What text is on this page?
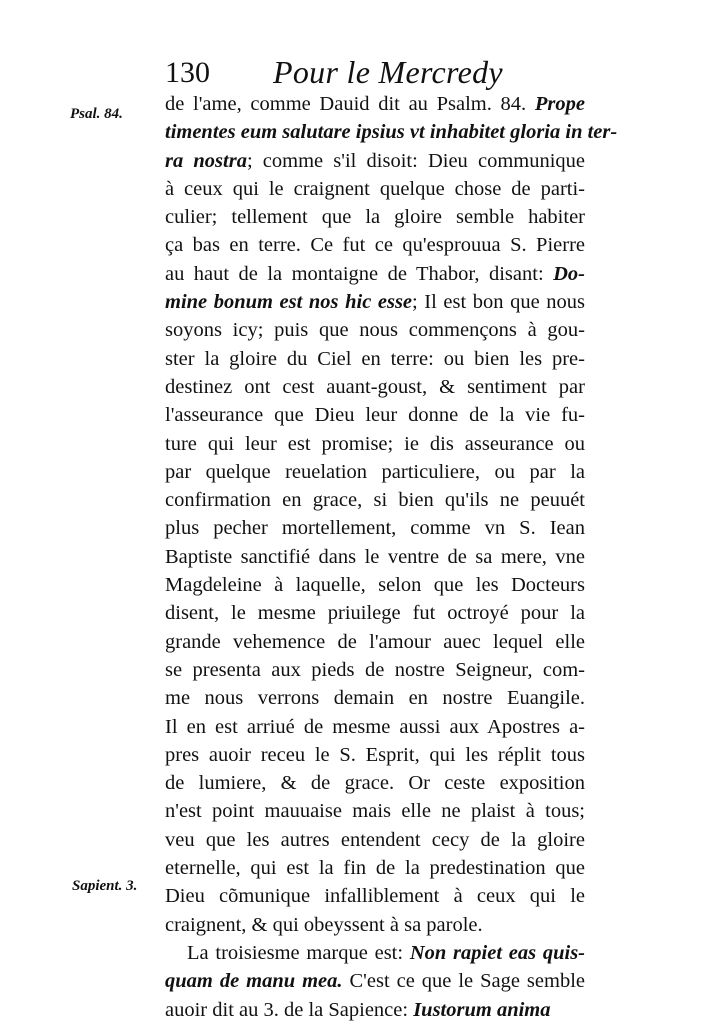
130 Pour le Mercredy
Psal. 84.
Sapient. 3.
de l'ame, comme Dauid dit au Psalm. 84. Prope
timentes eum salutare ipsius vt inhabitet gloria in ter-
ra nostra; comme s'il disoit: Dieu communique
à ceux qui le craignent quelque chose de parti-
culier; tellement que la gloire semble habiter
ça bas en terre. Ce fut ce qu'esprouua S. Pierre
au haut de la montaigne de Thabor, disant: Do-
mine bonum est nos hic esse; Il est bon que nous
soyons icy; puis que nous commençons à gou-
ster la gloire du Ciel en terre: ou bien les pre-
destinez ont cest auant-goust, & sentiment par
l'asseurance que Dieu leur donne de la vie fu-
ture qui leur est promise; ie dis asseurance ou
par quelque reuelation particuliere, ou par la
confirmation en grace, si bien qu'ils ne peuuét
plus pecher mortellement, comme vn S. Iean
Baptiste sanctifié dans le ventre de sa mere, vne
Magdeleine à laquelle, selon que les Docteurs
disent, le mesme priuilege fut octroyé pour la
grande vehemence de l'amour auec lequel elle
se presenta aux pieds de nostre Seigneur, com-
me nous verrons demain en nostre Euangile.
Il en est arriué de mesme aussi aux Apostres a-
pres auoir receu le S. Esprit, qui les réplit tous
de lumiere, & de grace. Or ceste exposition
n'est point mauuaise mais elle ne plaist à tous;
veu que les autres entendent cecy de la gloire
eternelle, qui est la fin de la predestination que
Dieu cõmunique infalliblement à ceux qui le
craignent, & qui obeyssent à sa parole.
La troisiesme marque est: Non rapiet eas quis-
quam de manu mea. C'est ce que le Sage semble
auoir dit au 3. de la Sapience: Iustorum anima
